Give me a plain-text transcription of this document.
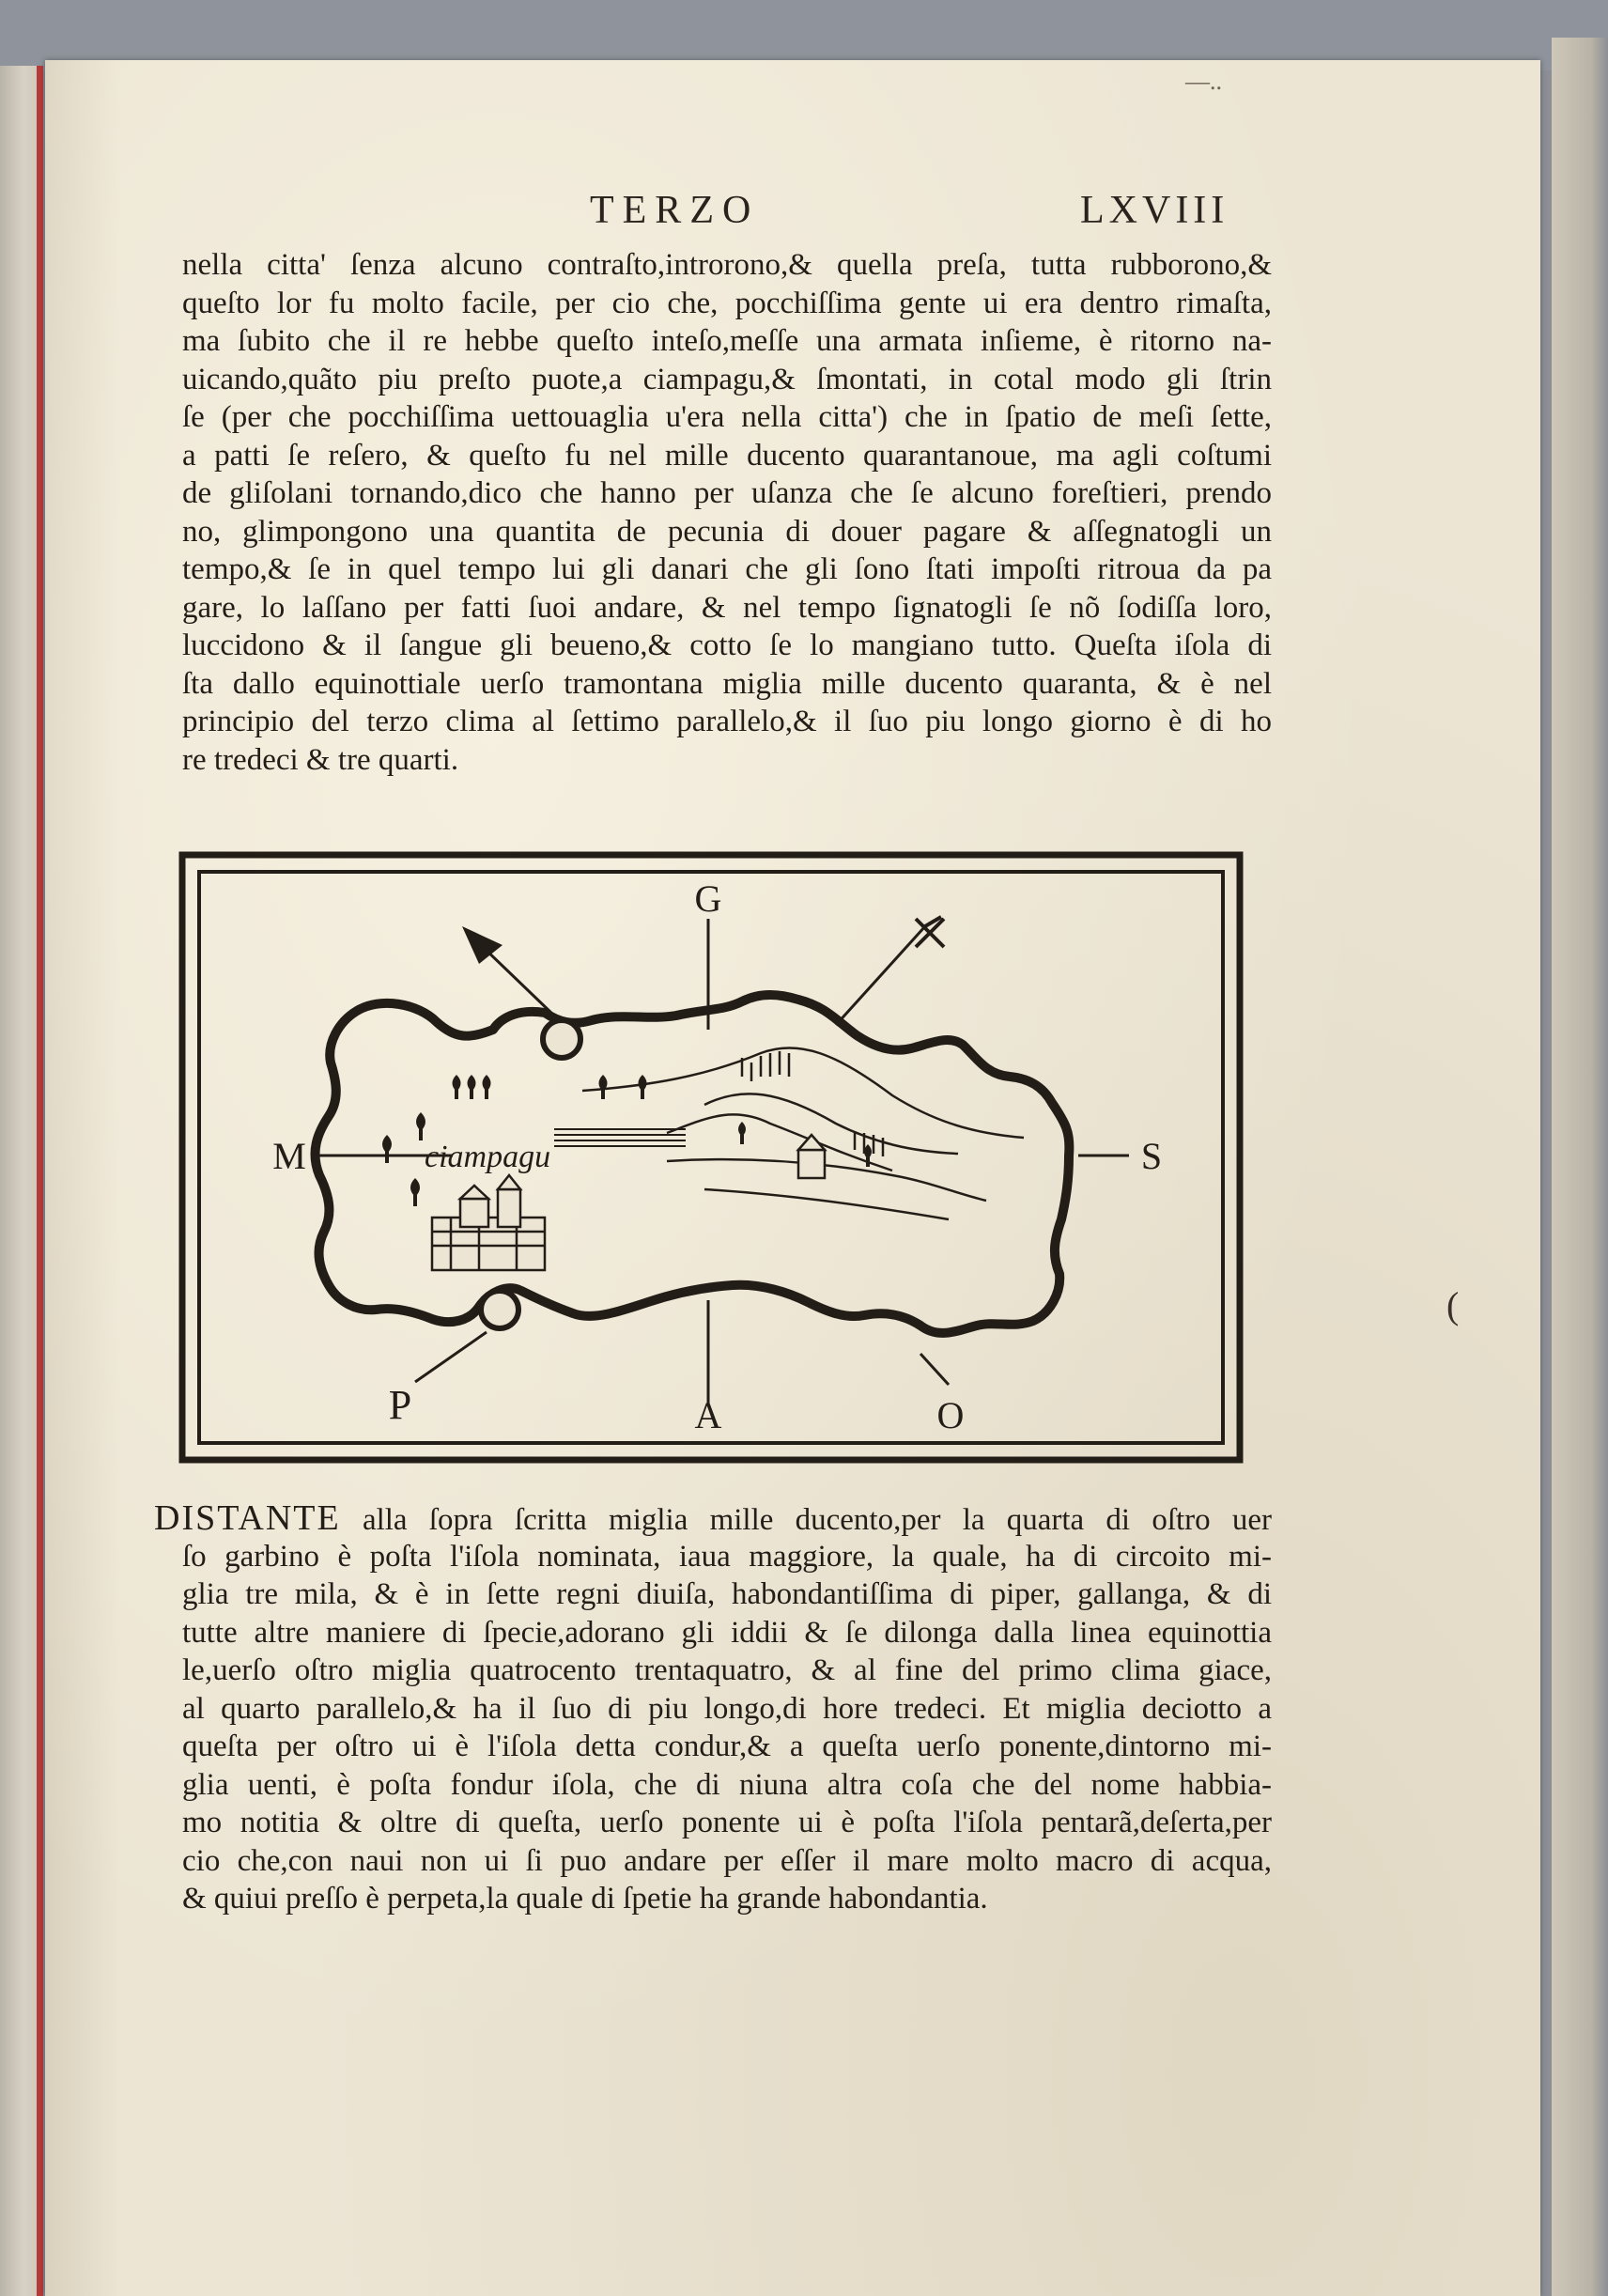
—..
TERZO	LXVIII
nella citta' ſenza alcuno contraſto,introrono,& quella preſa, tutta rubborono,&
queſto lor fu molto facile, per cio che, pocchiſſima gente ui era dentro rimaſta,
ma ſubito che il re hebbe queſto inteſo,meſſe una armata inſieme, è ritorno na-
uicando,quãto piu preſto puote,a ciampagu,& ſmontati, in cotal modo gli ſtrin
ſe (per che pocchiſſima uettouaglia u'era nella citta') che in ſpatio de meſi ſette,
a patti ſe reſero, & queſto fu nel mille ducento quarantanoue, ma agli coſtumi
de gliſolani tornando,dico che hanno per uſanza che ſe alcuno foreſtieri, prendo
no, glimpongono una quantita de pecunia di douer pagare & aſſegnatogli un
tempo,& ſe in quel tempo lui gli danari che gli ſono ſtati impoſti ritroua da pa
gare, lo laſſano per fatti ſuoi andare, & nel tempo ſignatogli ſe nõ ſodiſſa loro,
luccidono & il ſangue gli beueno,& cotto ſe lo mangiano tutto. Queſta iſola di
ſta dallo equinottiale uerſo tramontana miglia mille ducento quaranta, & è nel
principio del terzo clima al ſettimo parallelo,& il ſuo piu longo giorno è di ho
re tredeci & tre quarti.
ciampagu
G
M	S
A
P	O
DISTANTE alla ſopra ſcritta miglia mille ducento,per la quarta di oſtro uer
ſo garbino è poſta l'iſola nominata, iaua maggiore, la quale, ha di circoito mi-
glia tre mila, & è in ſette regni diuiſa, habondantiſſima di piper, gallanga, & di
tutte altre maniere di ſpecie,adorano gli iddii & ſe dilonga dalla linea equinottia
le,uerſo oſtro miglia quatrocento trentaquatro, & al fine del primo clima giace,
al quarto parallelo,& ha il ſuo di piu longo,di hore tredeci. Et miglia deciotto a
queſta per oſtro ui è l'iſola detta condur,& a queſta uerſo ponente,dintorno mi-
glia uenti, è poſta fondur iſola, che di niuna altra coſa che del nome habbia-
mo notitia & oltre di queſta, uerſo ponente ui è poſta l'iſola pentarã,deſerta,per
cio che,con naui non ui ſi puo andare per eſſer il mare molto macro di acqua,
& quiui preſſo è perpeta,la quale di ſpetie ha grande habondantia.
(
